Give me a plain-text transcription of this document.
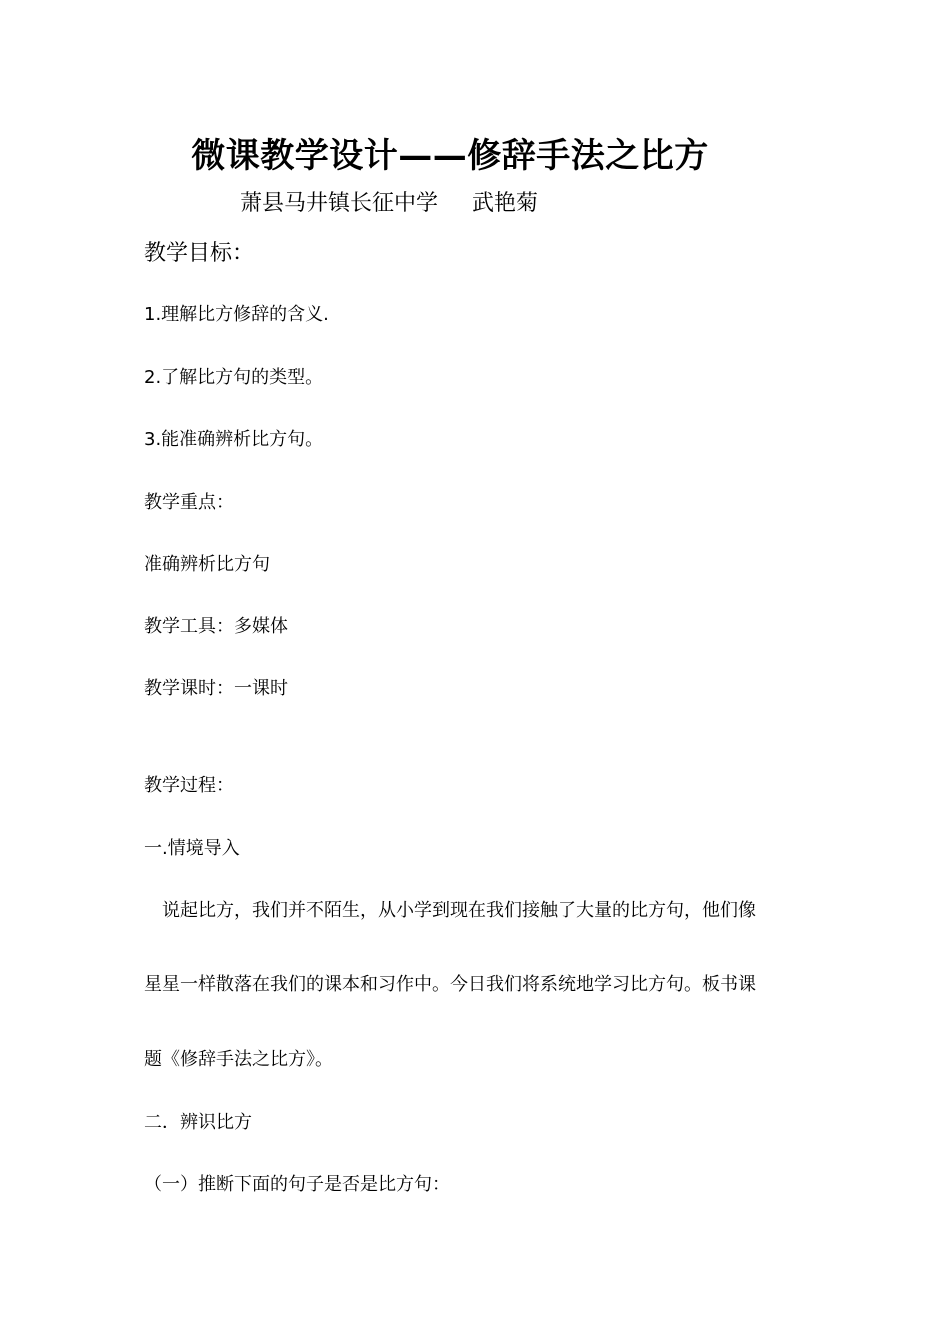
微课教学设计——修辞手法之比方
萧县马井镇长征中学 武艳菊
教学目标：
1.理解比方修辞的含义.
2.了解比方句的类型。
3.能准确辨析比方句。
教学重点：
准确辨析比方句
教学工具：多媒体
教学课时：一课时
教学过程：
一.情境导入
　说起比方，我们并不陌生，从小学到现在我们接触了大量的比方句，他们像
星星一样散落在我们的课本和习作中。今日我们将系统地学习比方句。板书课
题《修辞手法之比方》。
二．辨识比方
（一）推断下面的句子是否是比方句：
